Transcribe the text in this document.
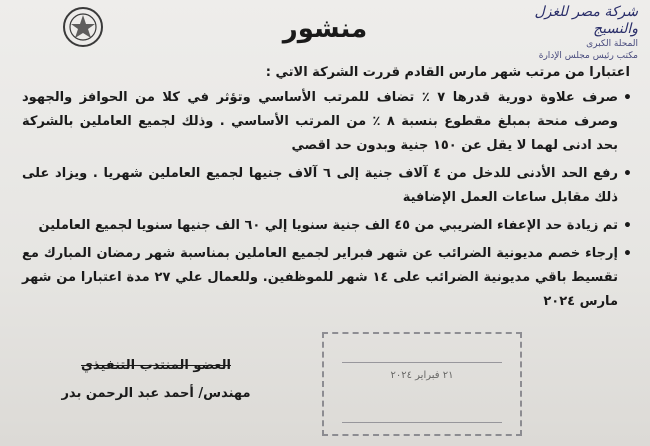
شركة مصر للغزل والنسيج
المحلة الكبرى
مكتب رئيس مجلس الإدارة
منشور
اعتبارا من مرتب شهر مارس القادم قررت الشركة الاتي :
• صرف علاوة دورية قدرها ٧ ٪ تضاف للمرتب الأساسي وتؤثر في كلا من الحوافز والجهود وصرف منحة بمبلغ مقطوع بنسبة ٨ ٪ من المرتب الأساسي . وذلك لجميع العاملين بالشركة بحد ادنى لهما لا يقل عن ١٥٠ جنية وبدون حد اقصي
• رفع الحد الأدنى للدخل من ٤ آلاف جنية إلى ٦ آلاف جنيها لجميع العاملين شهريا . ويزاد على ذلك مقابل ساعات العمل الإضافية
• تم زيادة حد الإعفاء الضريبي من ٤٥ الف جنية سنويا إلي ٦٠ الف جنيها سنويا لجميع العاملين
• إرجاء خصم مديونية الضرائب عن شهر فبراير لجميع العاملين بمناسبة شهر رمضان المبارك مع تقسيط باقي مديونية الضرائب على ١٤ شهر للموظفين. وللعمال علي ٢٧ مدة اعتبارا من شهر مارس ٢٠٢٤
٢١ فبراير ٢٠٢٤
العضو المنتدب التنفيذي
مهندس/ أحمد عبد الرحمن بدر
